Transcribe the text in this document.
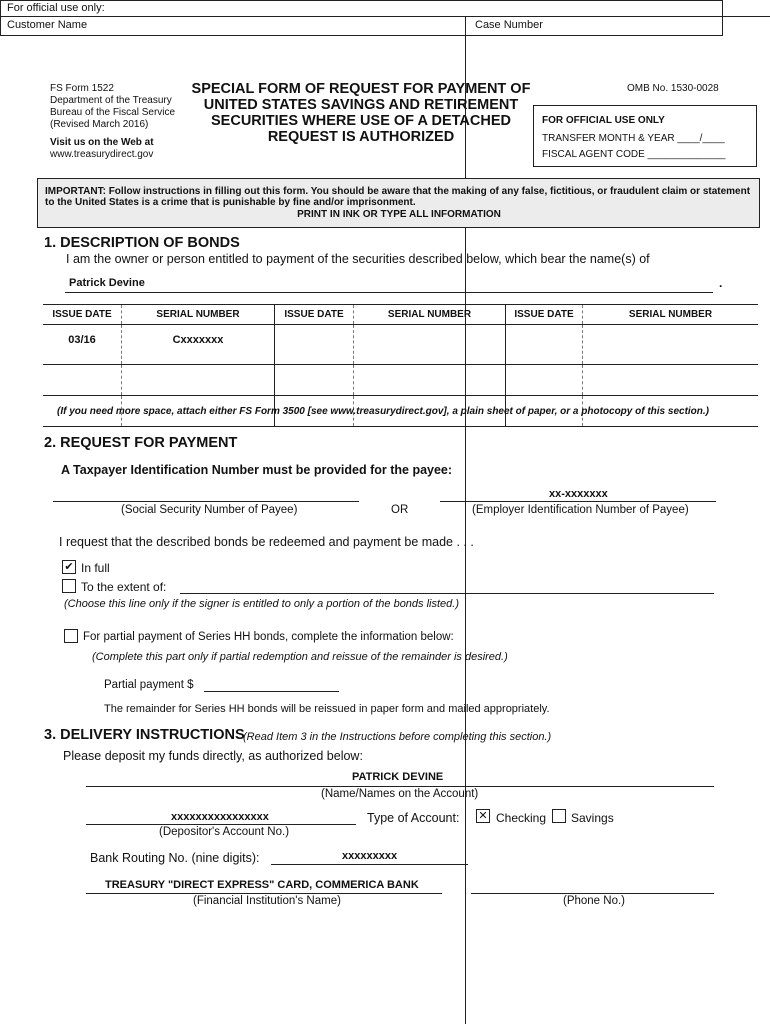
For official use only:
Customer Name	Case Number
FS Form 1522
Department of the Treasury
Bureau of the Fiscal Service
(Revised March 2016)
Visit us on the Web at
www.treasurydirect.gov
SPECIAL FORM OF REQUEST FOR PAYMENT OF
UNITED STATES SAVINGS AND RETIREMENT
SECURITIES WHERE USE OF A DETACHED
REQUEST IS AUTHORIZED
OMB No. 1530-0028
FOR OFFICIAL USE ONLY
TRANSFER MONTH & YEAR ____/____
FISCAL AGENT CODE ______________
IMPORTANT: Follow instructions in filling out this form. You should be aware that the making of any false, fictitious, or fraudulent claim or statement to the United States is a crime that is punishable by fine and/or imprisonment.
PRINT IN INK OR TYPE ALL INFORMATION
1. DESCRIPTION OF BONDS
I am the owner or person entitled to payment of the securities described below, which bear the name(s) of
Patrick Devine	.
ISSUE DATE	SERIAL NUMBER	ISSUE DATE	SERIAL NUMBER	ISSUE DATE	SERIAL NUMBER
03/16	Cxxxxxxx				

(If you need more space, attach either FS Form 3500 [see www.treasurydirect.gov], a plain sheet of paper, or a photocopy of this section.)
2. REQUEST FOR PAYMENT
A Taxpayer Identification Number must be provided for the payee:
(Social Security Number of Payee)	OR
xx-xxxxxxx
(Employer Identification Number of Payee)
I request that the described bonds be redeemed and payment be made . . .
✔ In full
To the extent of:
(Choose this line only if the signer is entitled to only a portion of the bonds listed.)
For partial payment of Series HH bonds, complete the information below:
(Complete this part only if partial redemption and reissue of the remainder is desired.)
Partial payment $
The remainder for Series HH bonds will be reissued in paper form and mailed appropriately.
3. DELIVERY INSTRUCTIONS
(Read Item 3 in the Instructions before completing this section.)
Please deposit my funds directly, as authorized below:
PATRICK DEVINE
(Name/Names on the Account)
xxxxxxxxxxxxxxxx
(Depositor's Account No.)
Type of Account: ✕ Checking Savings
Bank Routing No. (nine digits):	xxxxxxxxx
TREASURY "DIRECT EXPRESS" CARD, COMMERICA BANK
(Financial Institution's Name)	(Phone No.)
